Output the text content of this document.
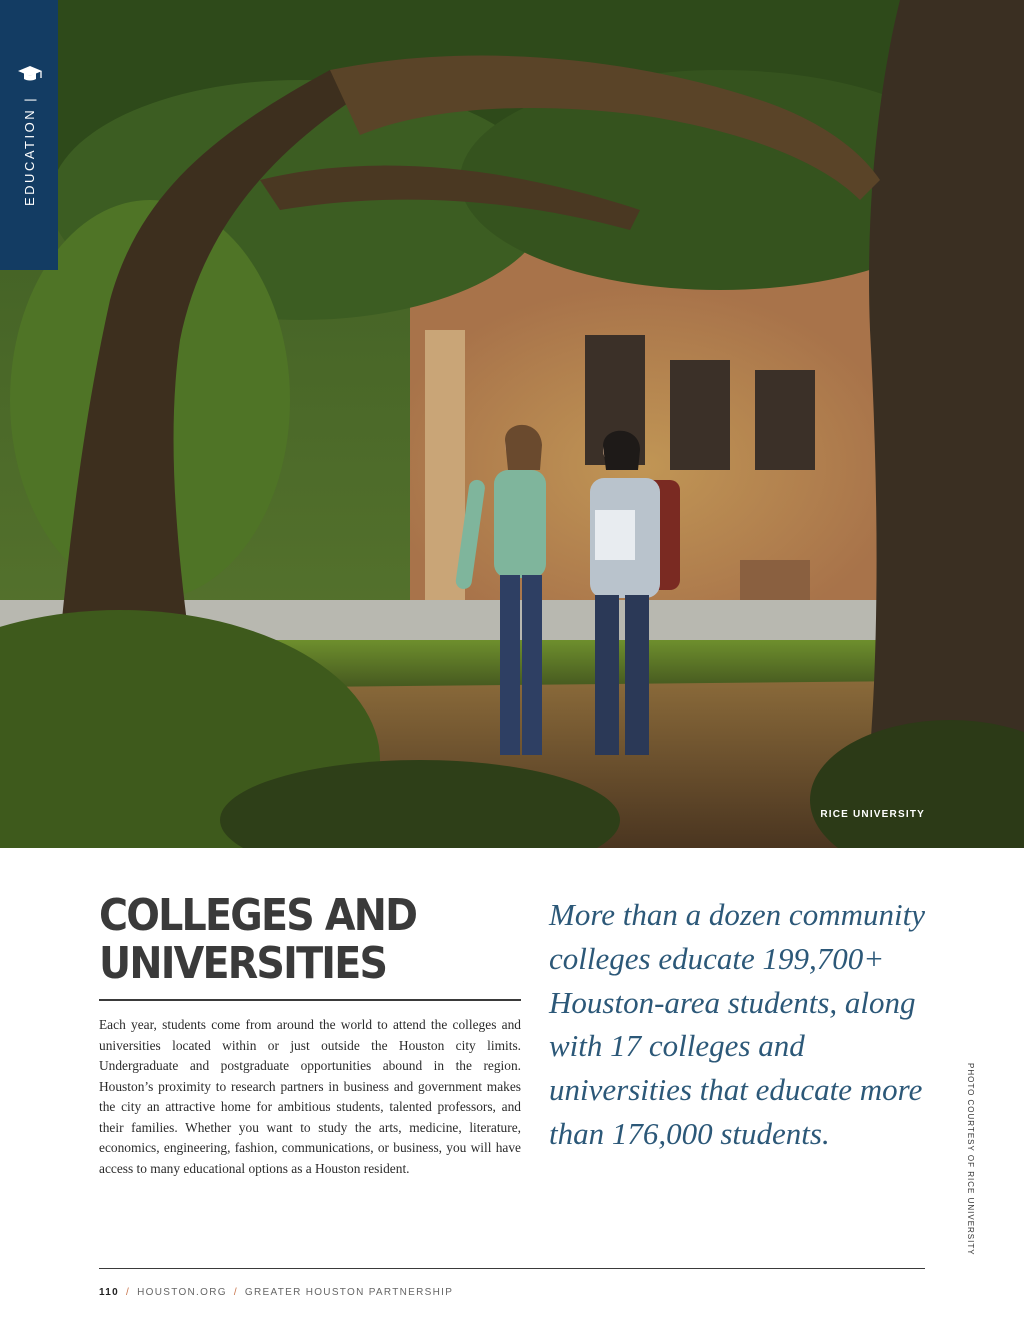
EDUCATION |
RICE UNIVERSITY
COLLEGES AND UNIVERSITIES

Each year, students come from around the world to attend the colleges and universities located within or just outside the Houston city limits. Undergraduate and postgraduate opportunities abound in the region. Houston’s proximity to research partners in business and government makes the city an attractive home for ambitious students, talented professors, and their families. Whether you want to study the arts, medicine, literature, economics, engineering, fashion, communications, or business, you will have access to many educational options as a Houston resident.

More than a dozen community colleges educate 199,700+ Houston-area students, along with 17 colleges and universities that educate more than 176,000 students.	PHOTO COURTESY OF RICE UNIVERSITY
110 / HOUSTON.ORG / GREATER HOUSTON PARTNERSHIP
